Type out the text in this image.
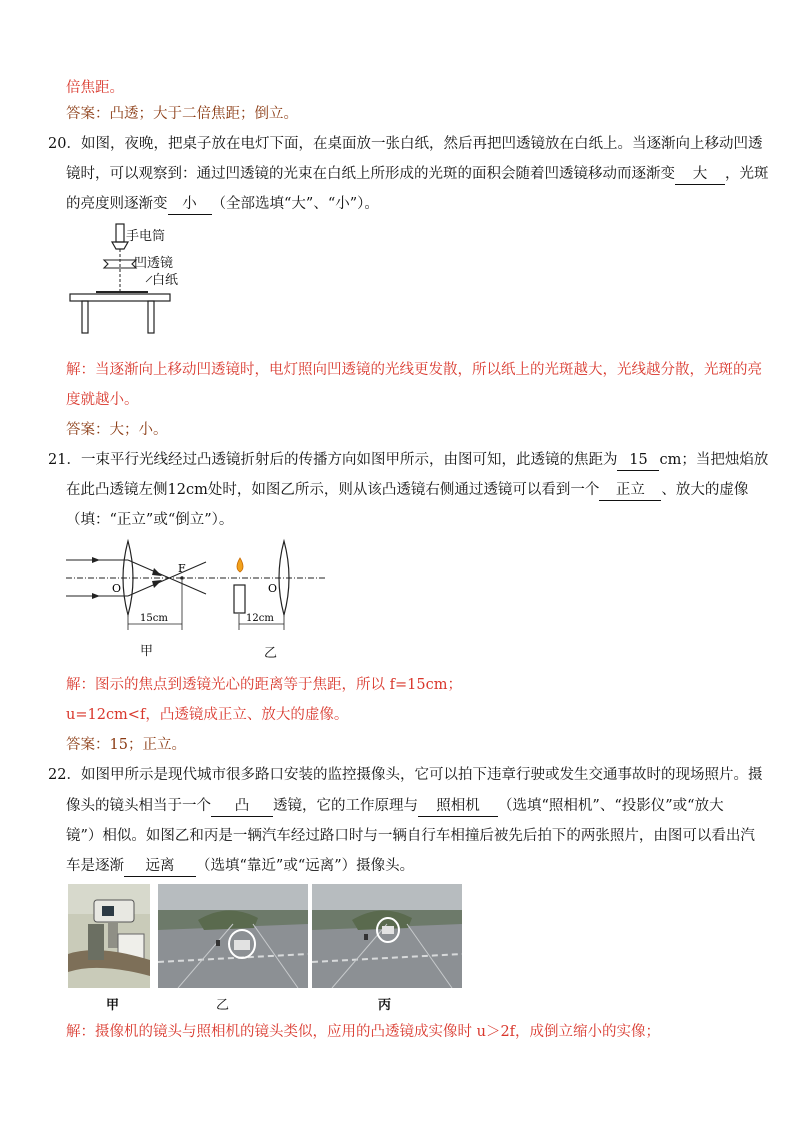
倍焦距。
答案：凸透；大于二倍焦距；倒立。
20．如图，夜晚，把桌子放在电灯下面，在桌面放一张白纸，然后再把凹透镜放在白纸上。当逐渐向上移动凹透
镜时，可以观察到：通过凹透镜的光束在白纸上所形成的光斑的面积会随着凹透镜移动而逐渐变 大 ，光斑
的亮度则逐渐变 小 （全部选填“大”、“小”）。
手电筒
凹透镜
白纸
解：当逐渐向上移动凹透镜时，电灯照向凹透镜的光线更发散，所以纸上的光斑越大，光线越分散，光斑的亮
度就越小。
答案：大；小。
21．一束平行光线经过凸透镜折射后的传播方向如图甲所示，由图可知，此透镜的焦距为 15 cm；当把烛焰放
在此凸透镜左侧12cm处时，如图乙所示，则从该凸透镜右侧通过透镜可以看到一个 正立 、放大的虚像
（填：“正立”或“倒立”）。
O
F
15cm
O
12cm
甲	乙
解：图示的焦点到透镜光心的距离等于焦距，所以 f=15cm；
u=12cm<f，凸透镜成正立、放大的虚像。
答案：15；正立。
22．如图甲所示是现代城市很多路口安装的监控摄像头，它可以拍下违章行驶或发生交通事故时的现场照片。摄
像头的镜头相当于一个 凸 透镜，它的工作原理与 照相机 （选填“照相机”、“投影仪”或“放大
镜”）相似。如图乙和丙是一辆汽车经过路口时与一辆自行车相撞后被先后拍下的两张照片，由图可以看出汽
车是逐渐 远离 （选填“靠近”或“远离”）摄像头。
甲	乙	丙
解：摄像机的镜头与照相机的镜头类似，应用的凸透镜成实像时 u＞2f，成倒立缩小的实像；
